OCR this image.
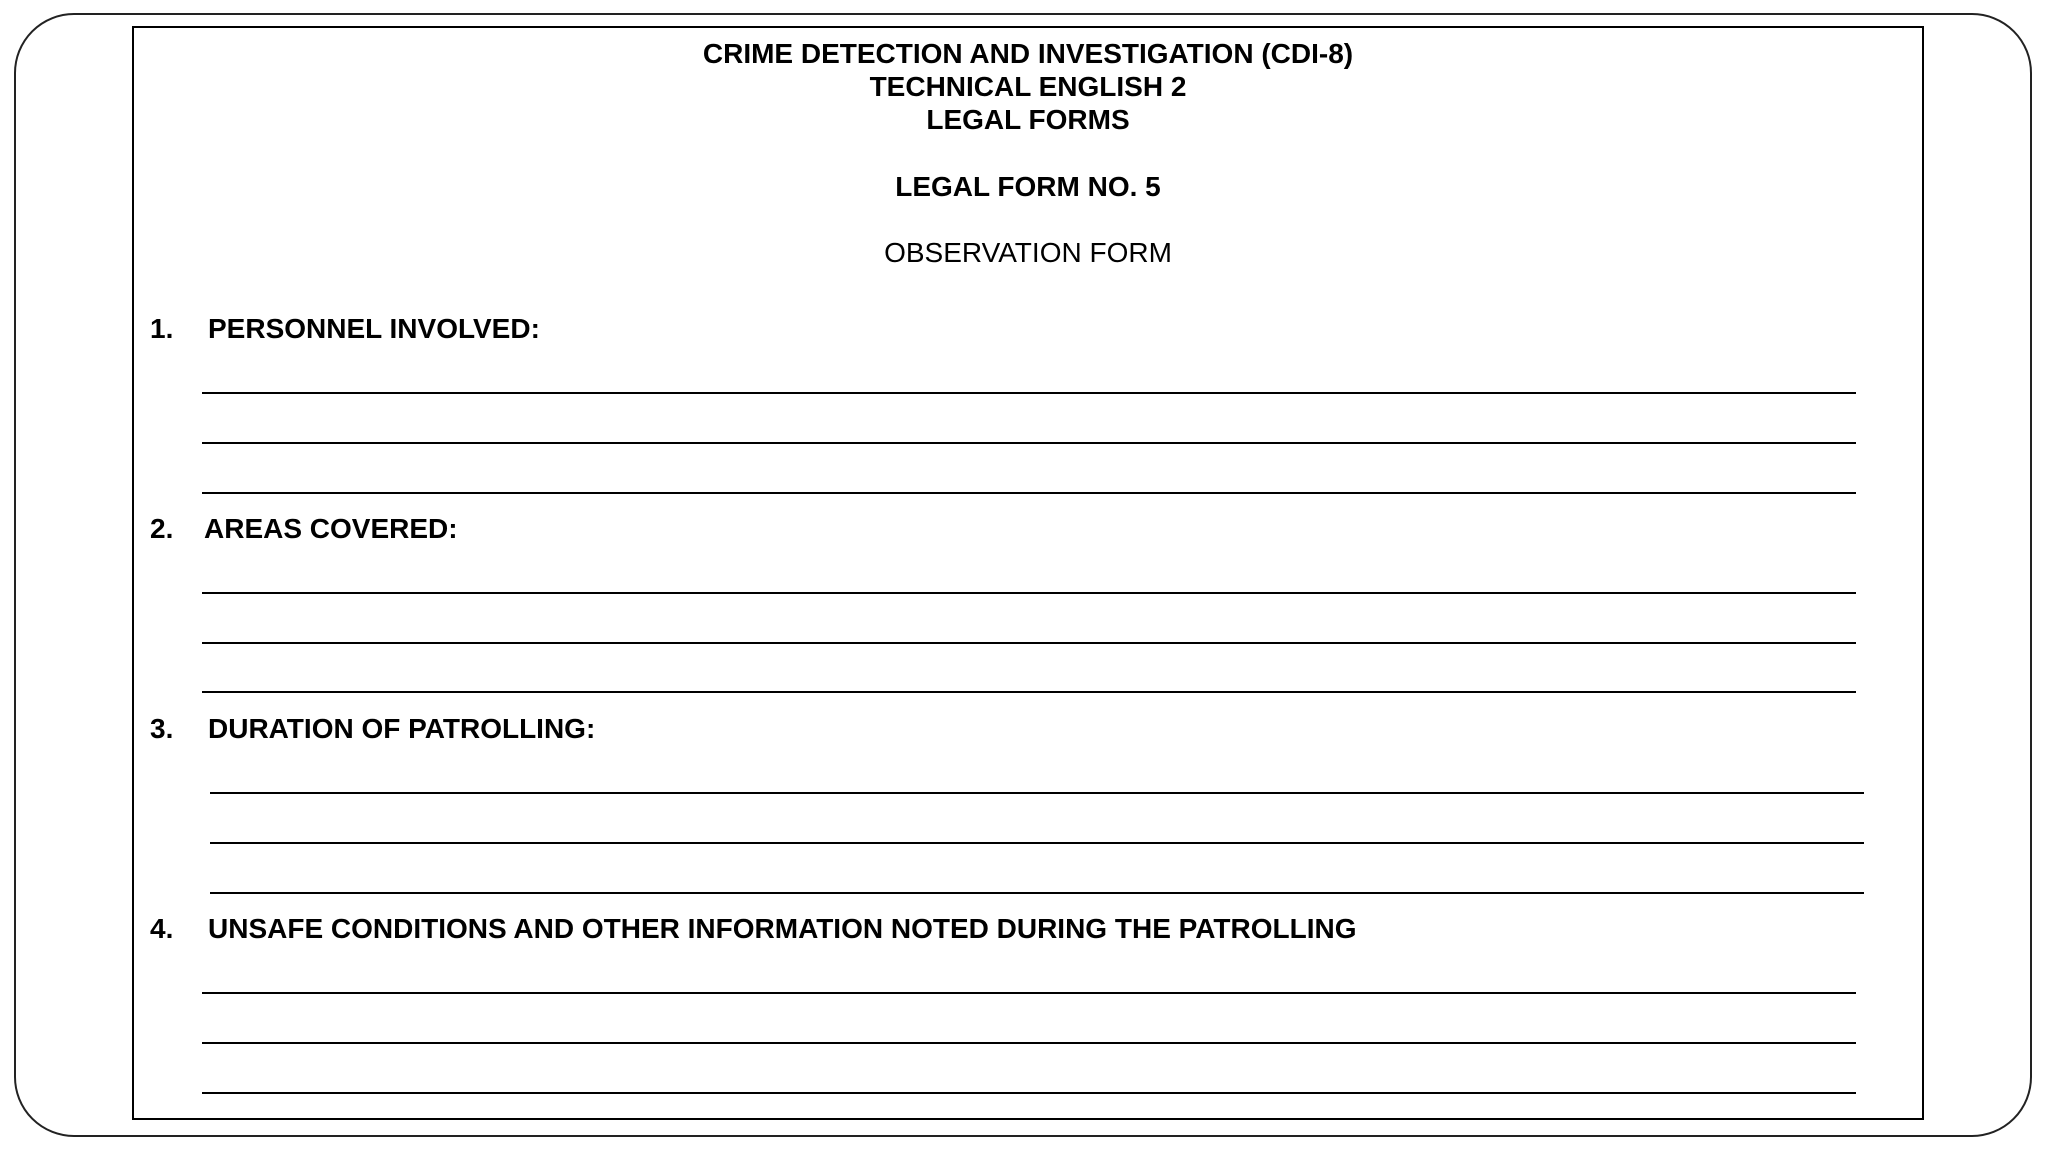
CRIME DETECTION AND INVESTIGATION (CDI-8)
TECHNICAL ENGLISH 2
LEGAL FORMS
LEGAL FORM NO. 5
OBSERVATION FORM
1. PERSONNEL INVOLVED:
2. AREAS COVERED:
3. DURATION OF PATROLLING:
4. UNSAFE CONDITIONS AND OTHER INFORMATION NOTED DURING THE PATROLLING
